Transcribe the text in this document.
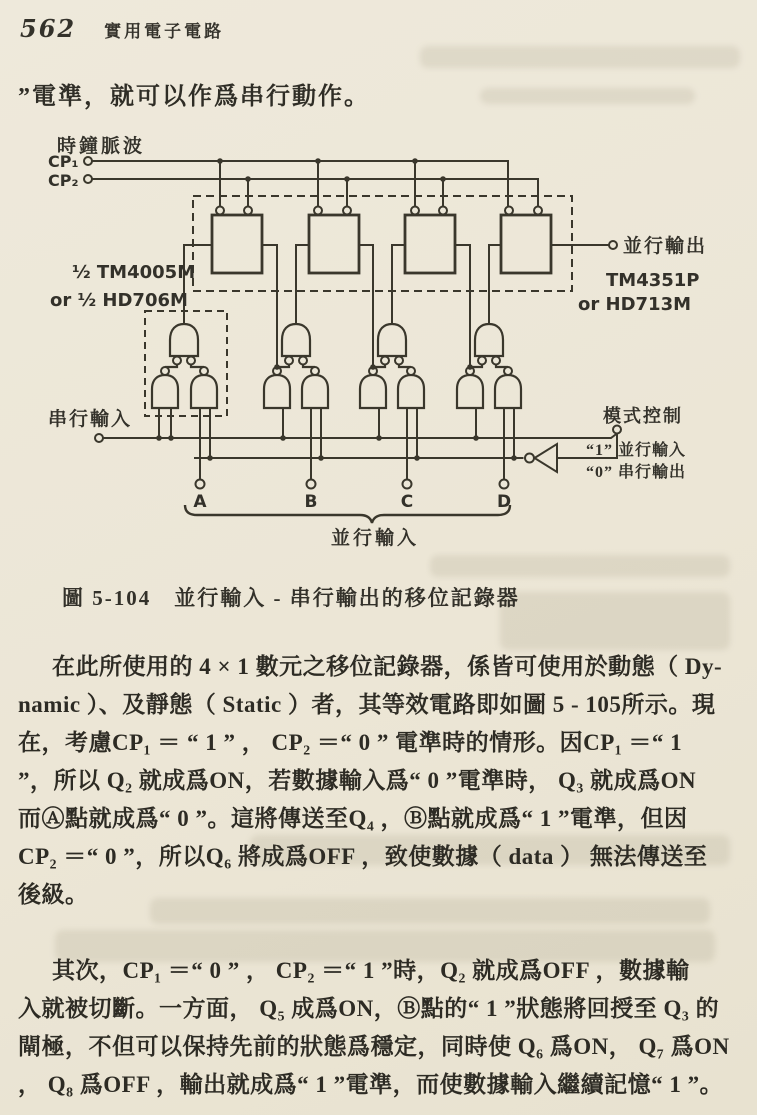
562 實用電子電路
”電準，就可以作爲串行動作。
時鐘脈波
CP₁
CP₂
½ TM4005M
or ½ HD706M
並行輸出
TM4351P
or HD713M
串行輸入	模式控制
“1” 並行輸入
“0” 串行輸出
並行輸入
A	B	C	D
圖 5-104　並行輸入 - 串行輸出的移位記錄器
在此所使用的 4 × 1 數元之移位記錄器，係皆可使用於動態（ Dy-
namic ）、及靜態（ Static ）者，其等效電路即如圖 5 - 105所示。現
在，考慮CP₁ ＝ “ 1 ” ， CP₂ ＝“ 0 ” 電準時的情形。因CP₁ ＝“ 1
”，所以 Q₂ 就成爲ON，若數據輸入爲“ 0 ”電準時， Q₃ 就成爲ON
而Ⓐ點就成爲“ 0 ”。這將傳送至Q₄ ，Ⓑ點就成爲“ 1 ”電準，但因
CP₂ ＝“ 0 ”，所以Q₆ 將成爲OFF ，致使數據（ data ） 無法傳送至
後級。
其次，CP₁ ＝“ 0 ” ， CP₂ ＝“ 1 ”時，Q₂ 就成爲OFF ，數據輸
入就被切斷。一方面， Q₅ 成爲ON，Ⓑ點的“ 1 ”狀態將回授至 Q₃ 的
閘極，不但可以保持先前的狀態爲穩定，同時使 Q₆ 爲ON， Q₇ 爲ON
， Q₈ 爲OFF ，輸出就成爲“ 1 ”電準，而使數據輸入繼續記憶“ 1 ”。
